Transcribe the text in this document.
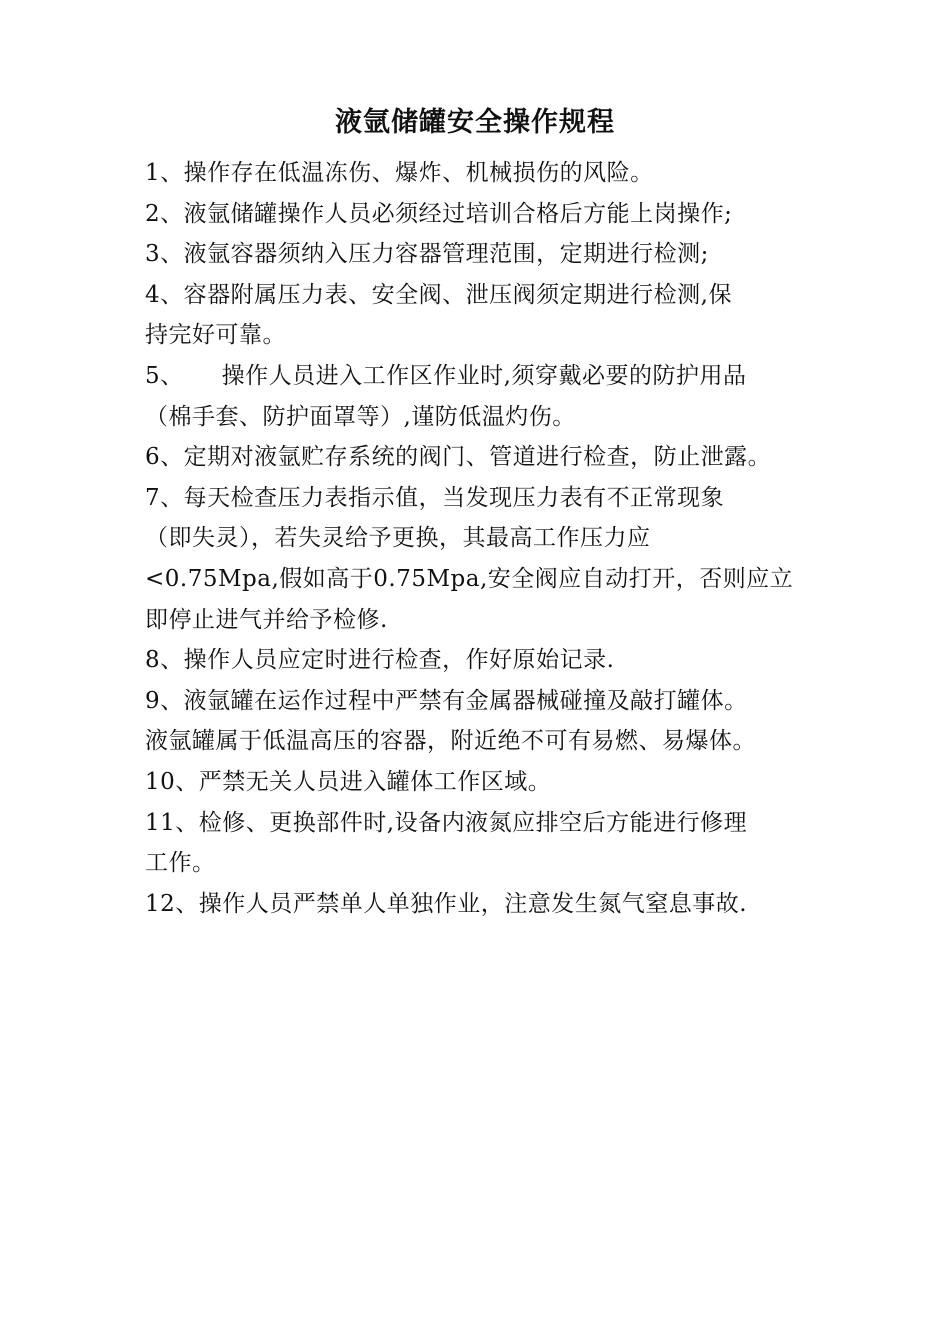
液氩储罐安全操作规程
1、操作存在低温冻伤、爆炸、机械损伤的风险。
2、液氩储罐操作人员必须经过培训合格后方能上岗操作;
3、液氩容器须纳入压力容器管理范围，定期进行检测;
4、容器附属压力表、安全阀、泄压阀须定期进行检测,保
持完好可靠。
5、 操作人员进入工作区作业时,须穿戴必要的防护用品
（棉手套、防护面罩等）,谨防低温灼伤。
6、定期对液氩贮存系统的阀门、管道进行检查，防止泄露。
7、每天检查压力表指示值，当发现压力表有不正常现象
（即失灵），若失灵给予更换，其最高工作压力应
<0.75Mpa,假如高于0.75Mpa,安全阀应自动打开，否则应立
即停止进气并给予检修.
8、操作人员应定时进行检查，作好原始记录.
9、液氩罐在运作过程中严禁有金属器械碰撞及敲打罐体。
液氩罐属于低温高压的容器，附近绝不可有易燃、易爆体。
10、严禁无关人员进入罐体工作区域。
11、检修、更换部件时,设备内液氮应排空后方能进行修理
工作。
12、操作人员严禁单人单独作业，注意发生氮气窒息事故.
